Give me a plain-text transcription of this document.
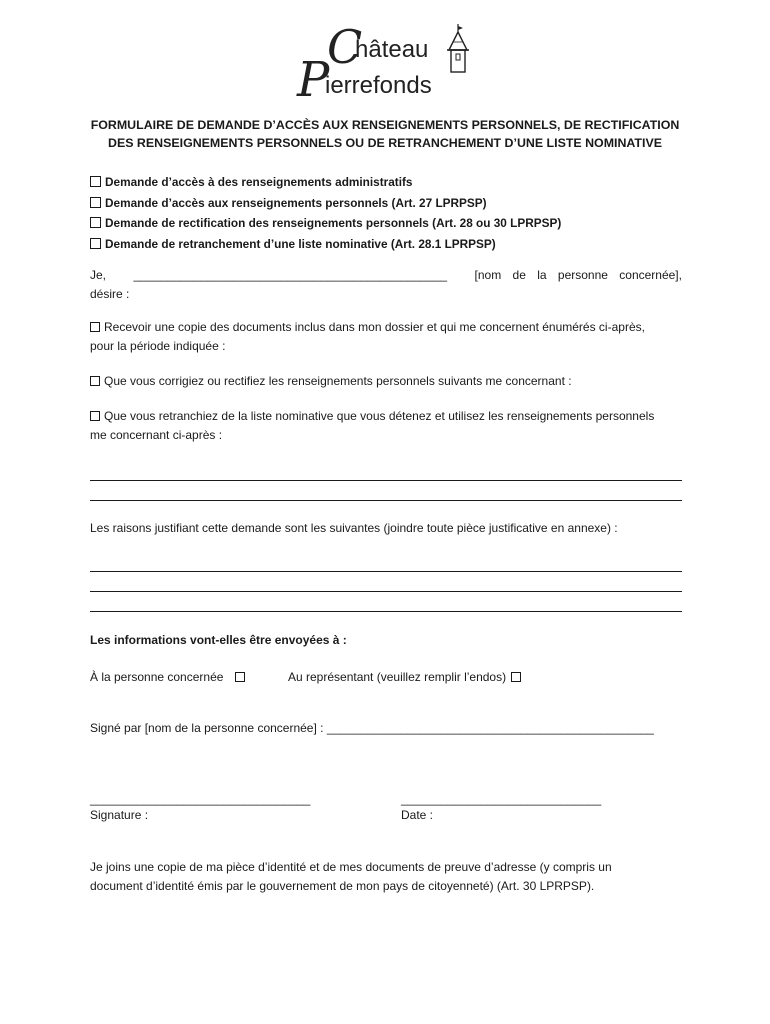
C
hâteau
P
ierrefonds
FORMULAIRE DE DEMANDE D’ACCÈS AUX RENSEIGNEMENTS PERSONNELS, DE RECTIFICATION
DES RENSEIGNEMENTS PERSONNELS OU DE RETRANCHEMENT D’UNE LISTE NOMINATIVE
Demande d’accès à des renseignements administratifs
Demande d’accès aux renseignements personnels (Art. 27 LPRPSP)
Demande de rectification des renseignements personnels (Art. 28 ou 30 LPRPSP)
Demande de retranchement d’une liste nominative (Art. 28.1 LPRPSP)
Je, _______________________________________________ [nom de la personne concernée],
désire :
Recevoir une copie des documents inclus dans mon dossier et qui me concernent énumérés ci-après,
pour la période indiquée :
Que vous corrigiez ou rectifiez les renseignements personnels suivants me concernant :
Que vous retranchiez de la liste nominative que vous détenez et utilisez les renseignements personnels
me concernant ci-après :
Les raisons justifiant cette demande sont les suivantes (joindre toute pièce justificative en annexe) :
Les informations vont-elles être envoyées à :
À la personne concernée	Au représentant (veuillez remplir l’endos)
Signé par [nom de la personne concernée] : _________________________________________________
_________________________________
Signature :
______________________________
Date :
Je joins une copie de ma pièce d’identité et de mes documents de preuve d’adresse (y compris un
document d’identité émis par le gouvernement de mon pays de citoyenneté) (Art. 30 LPRPSP).
